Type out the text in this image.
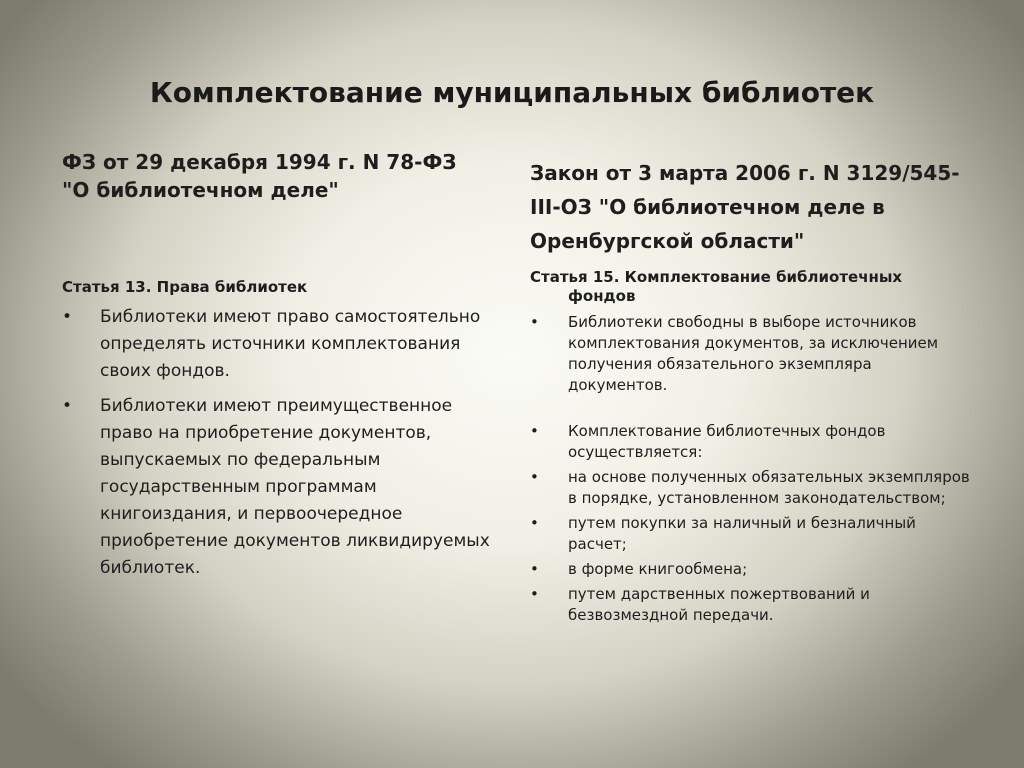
Комплектование муниципальных библиотек

ФЗ от 29 декабря 1994 г. N 78-ФЗ
"О библиотечном деле"

Статья 13. Права библиотек

• Библиотеки имеют право самостоятельно определять источники комплектования своих фондов.
• Библиотеки имеют преимущественное право на приобретение документов, выпускаемых по федеральным государственным программам книгоиздания, и первоочередное приобретение документов ликвидируемых библиотек.

Закон от 3 марта 2006 г. N 3129/545-III-ОЗ "О библиотечном деле в Оренбургской области"

Статья 15. Комплектование библиотечных фондов

• Библиотеки свободны в выборе источников комплектования документов, за исключением получения обязательного экземпляра документов.
• Комплектование библиотечных фондов осуществляется:
• на основе полученных обязательных экземпляров в порядке, установленном законодательством;
• путем покупки за наличный и безналичный расчет;
• в форме книгообмена;
• путем дарственных пожертвований и безвозмездной передачи.
